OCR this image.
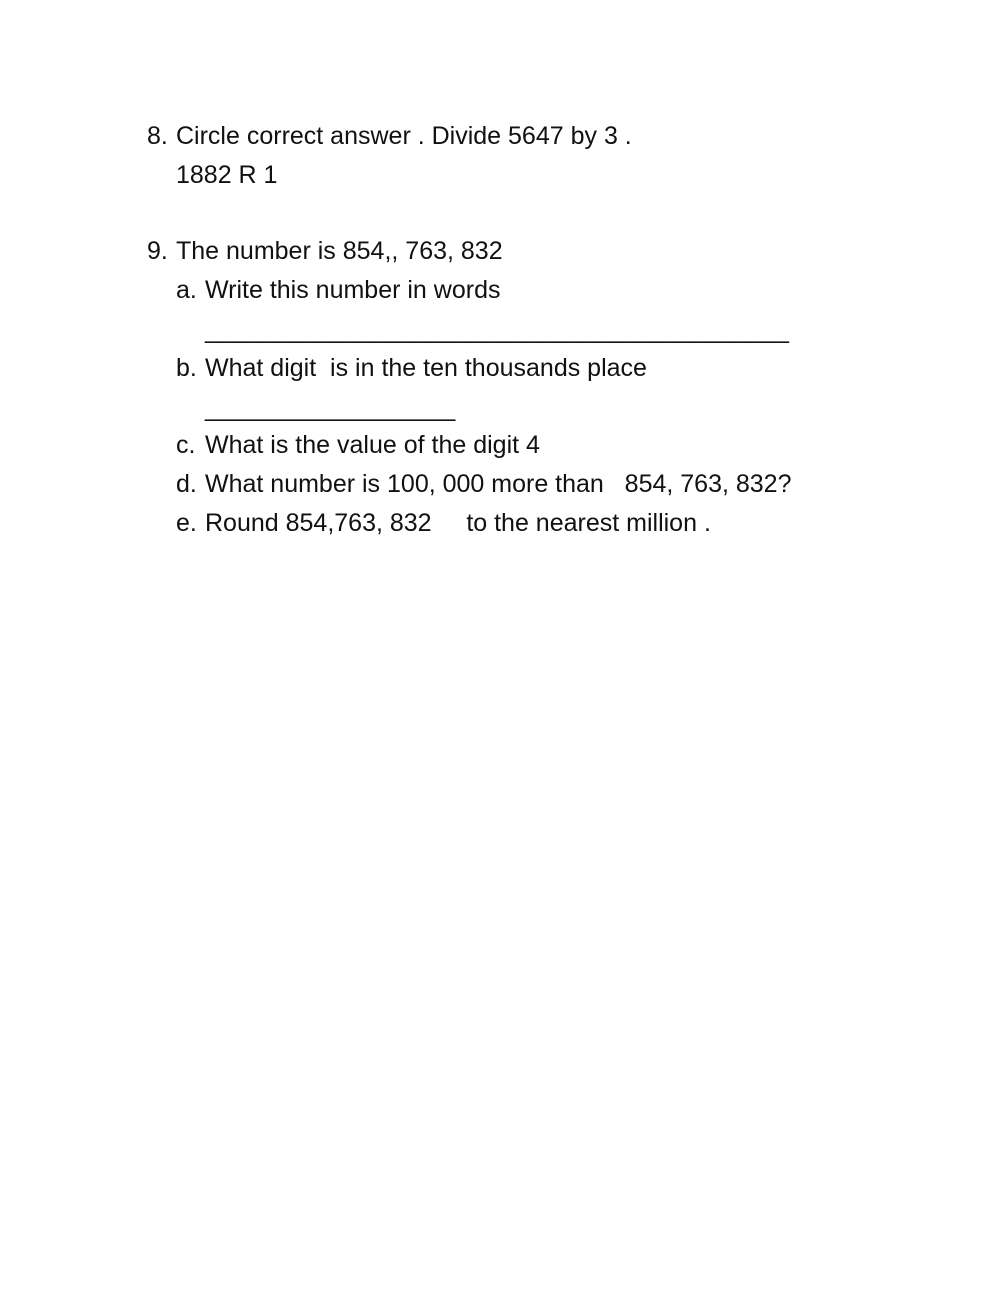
8. Circle correct answer . Divide 5647 by 3 .
1882 R 1
9. The number is 854,, 763, 832
a. Write this number in words
__________________________________________
b. What digit  is in the ten thousands place
__________________
c. What is the value of the digit 4
d. What number is 100, 000 more than   854, 763, 832?
e. Round 854,763, 832     to the nearest million .
